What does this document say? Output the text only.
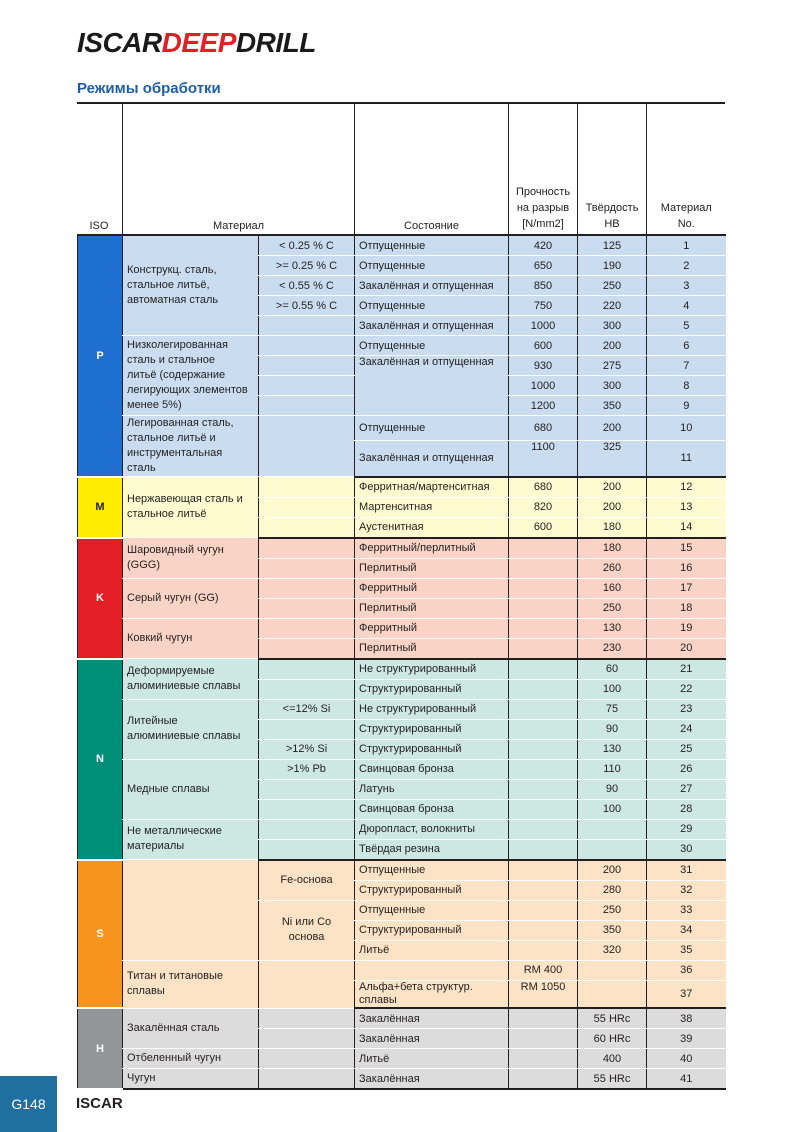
ISCARDEEPDRILL
Режимы обработки
ISO	Материал		Состояние	Прочность
на разрыв
[N/mm2]	Твёрдость
HB	Материал
No.

P	Конструкц. сталь,
стальное литьё,
автоматная сталь	< 0.25 % C	Отпущенные	420	125	1
		>= 0.25 % C	Отпущенные	650	190	2
		< 0.55 % C	Закалённая и отпущенная	850	250	3
		>= 0.55 % C	Отпущенные	750	220	4
			Закалённая и отпущенная	1000	300	5

	Низколегированная
сталь и стальное
литьё (содержание
легирующих элементов
менее 5%)		Отпущенные	600	200	6
			Закалённая и отпущенная	930	275	7
				1000	300	8
				1200	350	9

	Легированная сталь,
стальное литьё и
инструментальная
сталь		Отпущенные	680	200	10
			Закалённая и отпущенная	1100	325	11
M	Нержавеющая сталь и
стальное литьё		Ферритная/мартенситная	680	200	12
			Мартенситная	820	200	13
			Аустенитная	600	180	14
K	Шаровидный чугун
(GGG)		Ферритный/перлитный		180	15
			Перлитный		260	16

	Серый чугун (GG)		Ферритный		160	17
			Перлитный		250	18

	Ковкий чугун		Ферритный		130	19
			Перлитный		230	20
N	Деформируемые
алюминиевые сплавы		Не структурированный		60	21
			Структурированный		100	22

	Литейные
алюминиевые сплавы	<=12% Si	Не структурированный		75	23
			Структурированный		90	24
		>12% Si	Структурированный		130	25

	Медные сплавы	>1% Pb	Свинцовая бронза		110	26
			Латунь		90	27
			Свинцовая бронза		100	28

	Не металлические
материалы		Дюропласт, волокниты			29
			Твёрдая резина			30
S		Fe-основа	Отпущенные		200	31
			Структурированный		280	32

		Ni или Co
основа	Отпущенные		250	33
			Структурированный		350	34
			Литьё		320	35

	Титан и титановые
сплавы			RM 400		36

			Альфа+бета структур.
сплавы	RM 1050		37
H	Закалённая сталь		Закалённая		55 HRc	38
			Закалённая		60 HRc	39

	Отбеленный чугун		Литьё		400	40

	Чугун		Закалённая		55 HRc	41
G148	ISCAR
